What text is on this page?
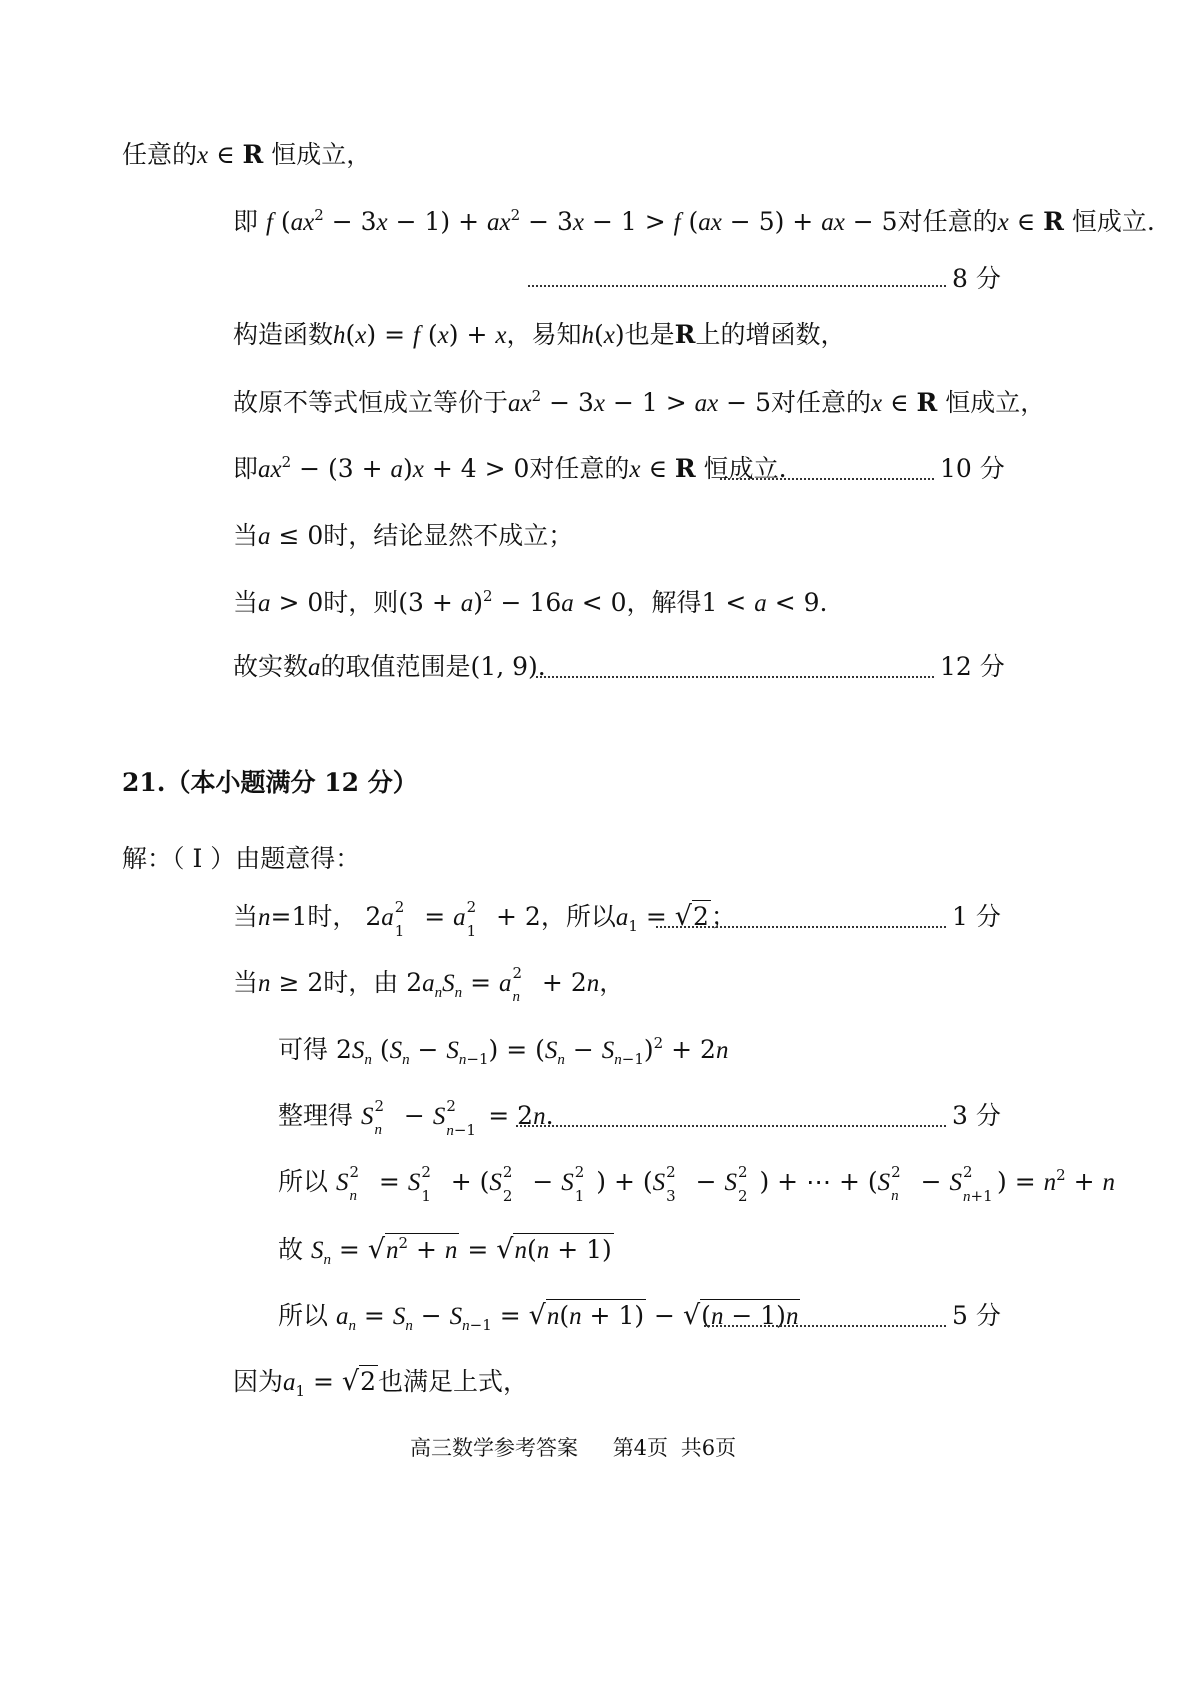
任意的x ∈ R 恒成立，
即 f $(ax^2 - 3x - 1) + ax^2 - 3x - 1 > f$ (ax − 5) + ax − 5对任意的x ∈ R 恒成立.
8 分
构造函数h(x) = f (x) + x，易知h(x)也是R上的增函数，
故原不等式恒成立等价于$ax^2 - 3x - 1$ > ax − 5对任意的x ∈ R 恒成立，
即$ax^2 - (3 + a)x + 4 > 0$对任意的x ∈ R 恒成立.	10 分
当a ≤ 0时，结论显然不成立；
当a > 0时，则$(3 + a)^2 - 16a < 0$，解得1 < a < 9.
故实数a的取值范围是(1, 9).	12 分
21.（本小题满分 12 分）
解：（ Ⅰ ）由题意得：
当n=1时， 2a 2
1 = a 2
1 + 2，所以$a_1 = √2$；	1 分
当n ≥ 2时，由 $2a_nS_n = a$ 2
n + 2n，
可得 $2S_n$ $(S_n - S_{n-1}) = (S_n - S_{n-1})^2 + 2n$
整理得 S 2
n − S 2
n−1 = 2n.	3 分
所以 S 2
n = S 2
1 + (S 2
2 − S 2
1 ) + (S 2
3 − S 2
2 ) + ⋯ + (S 2
n − S 2
n+1 ) = $n^2 + n$
故 $S_n = √n^2 + n = √n(n + 1)$
所以 $a_n = S_n - S_{n-1} = √n(n + 1) - √(n - 1)n$	5 分
因为$a_1 = √2$也满足上式，
高三数学参考答案 第4页 共6页
